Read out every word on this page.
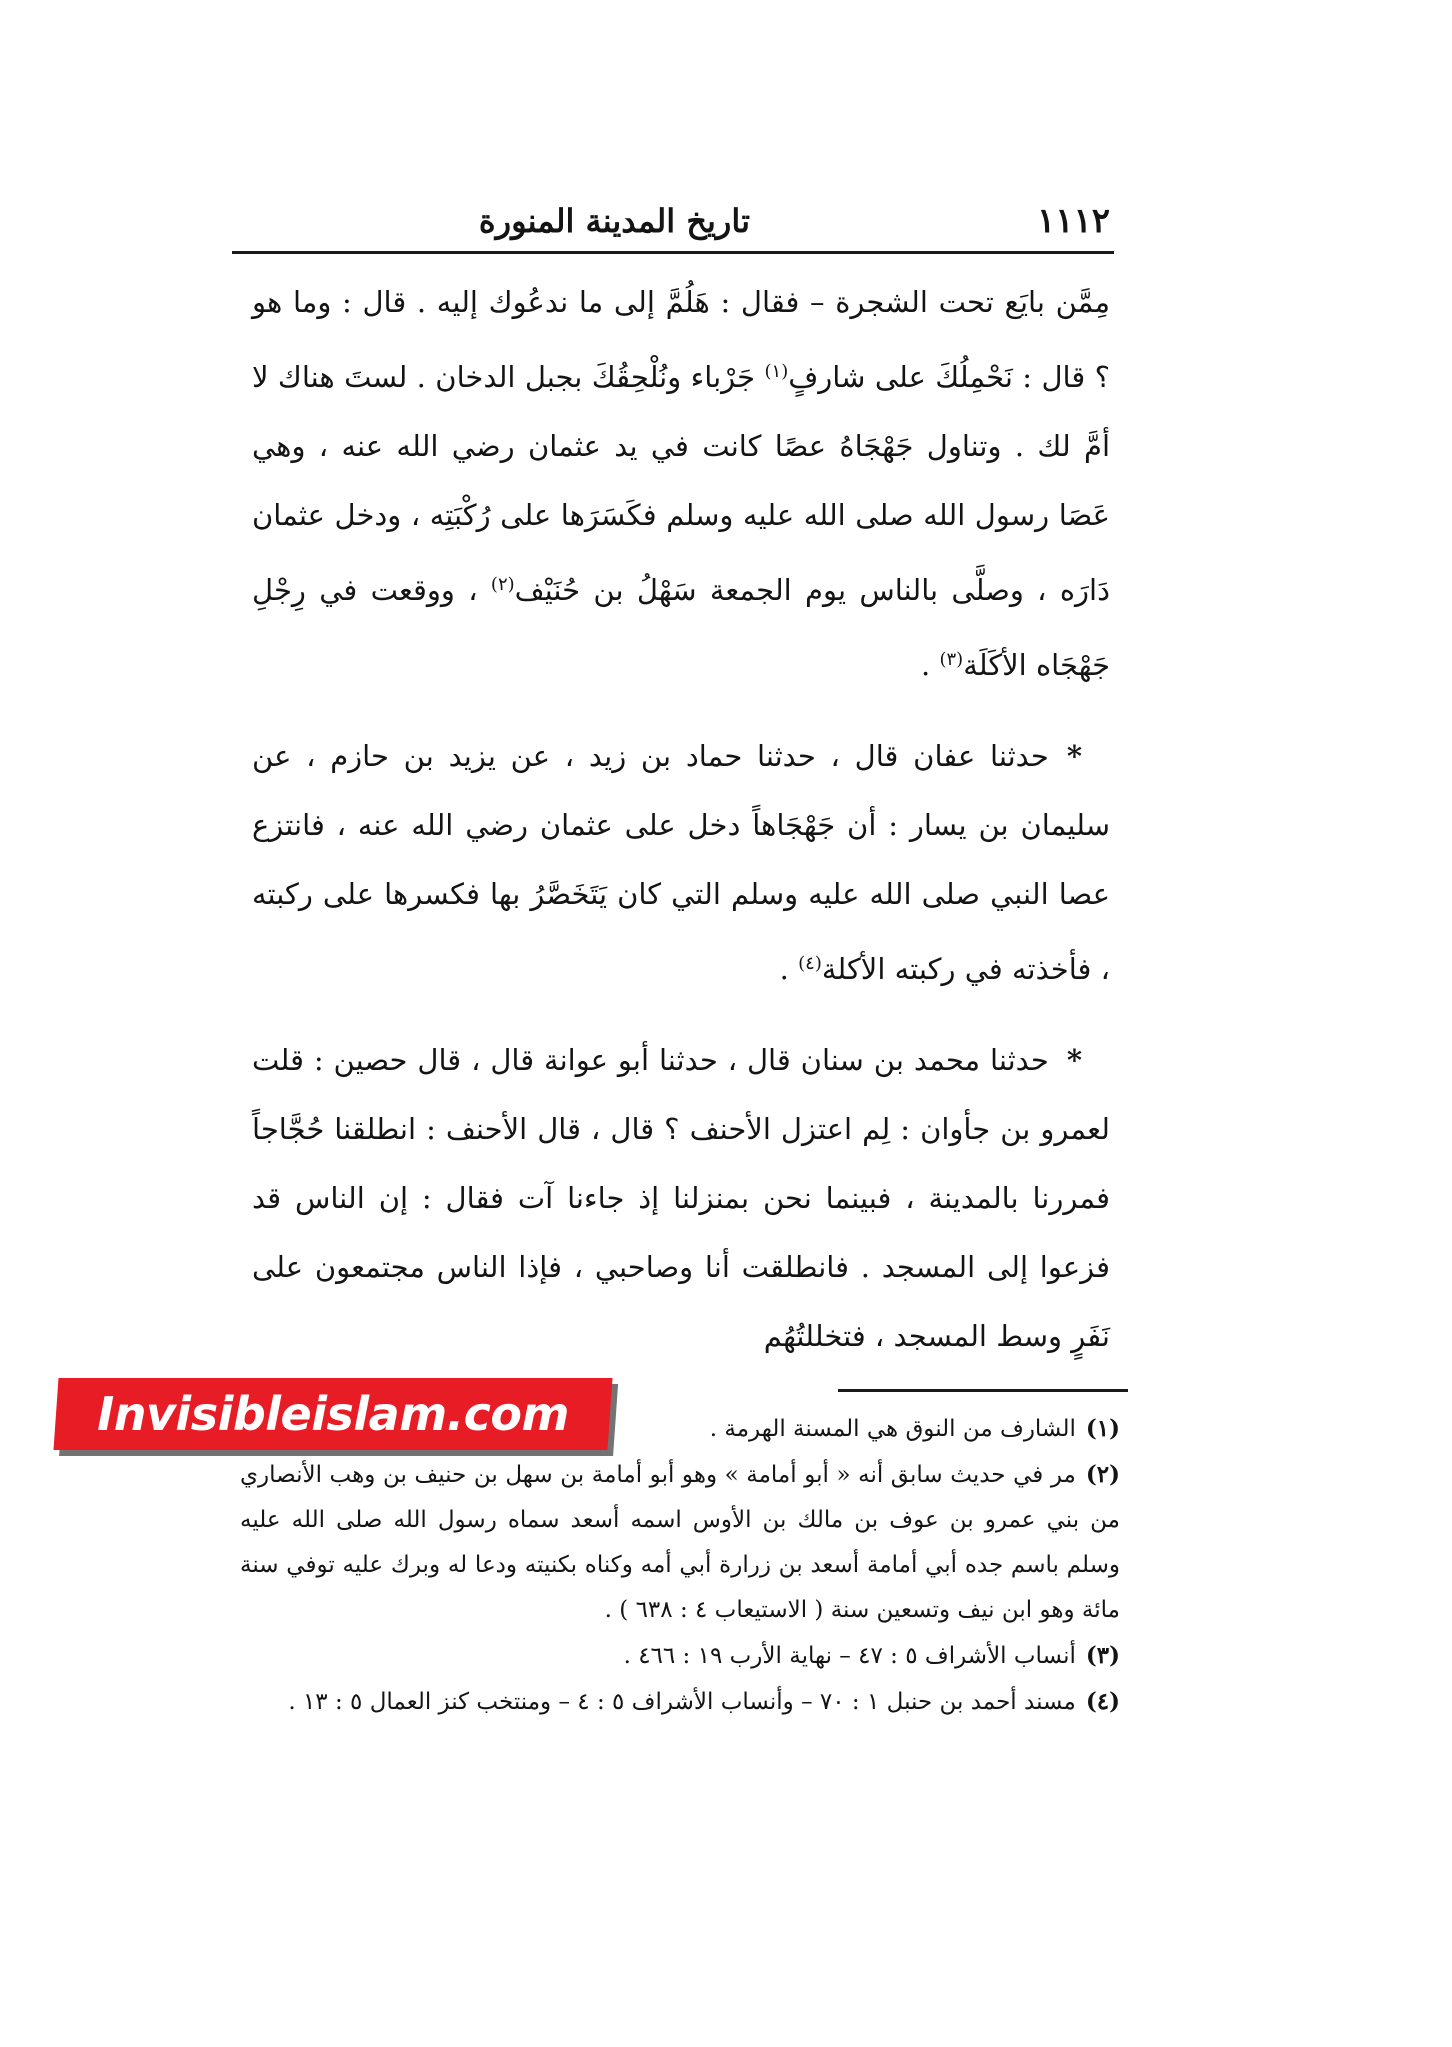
١١١٢
تاريخ المدينة المنورة

مِمَّن بايَع تحت الشجرة – فقال : هَلُمَّ إلى ما ندعُوك إليه . قال : وما هو ؟ قال : نَحْمِلُكَ على شارفٍ$^{(١)}$ جَرْباء ونُلْحِقُكَ بجبل الدخان . لستَ هناك لا أمَّ لك . وتناول جَهْجَاهُ عصًا كانت في يد عثمان رضي الله عنه ، وهي عَصَا رسول الله صلى الله عليه وسلم فكَسَرَها على رُكْبَتِه ، ودخل عثمان دَارَه ، وصلَّى بالناس يوم الجمعة سَهْلُ بن حُنَيْف$^{(٢)}$ ، ووقعت في رِجْلِ جَهْجَاه الأكَلَة$^{(٣)}$ .

*حدثنا عفان قال ، حدثنا حماد بن زيد ، عن يزيد بن حازم ، عن سليمان بن يسار : أن جَهْجَاهاً دخل على عثمان رضي الله عنه ، فانتزع عصا النبي صلى الله عليه وسلم التي كان يَتَخَصَّرُ بها فكسرها على ركبته ، فأخذته في ركبته الأكلة$^{(٤)}$ .

*حدثنا محمد بن سنان قال ، حدثنا أبو عوانة قال ، قال حصين : قلت لعمرو بن جأوان : لِم اعتزل الأحنف ؟ قال ، قال الأحنف : انطلقنا حُجَّاجاً فمررنا بالمدينة ، فبينما نحن بمنزلنا إذ جاءنا آت فقال : إن الناس قد فزعوا إلى المسجد . فانطلقت أنا وصاحبي ، فإذا الناس مجتمعون على نَفَرٍ وسط المسجد ، فتخللتُهُم

(١)الشارف من النوق هي المسنة الهرمة .

(٢)مر في حديث سابق أنه « أبو أمامة » وهو أبو أمامة بن سهل بن حنيف بن وهب الأنصاري من بني عمرو بن عوف بن مالك بن الأوس اسمه أسعد سماه رسول الله صلى الله عليه وسلم باسم جده أبي أمامة أسعد بن زرارة أبي أمه وكناه بكنيته ودعا له وبرك عليه توفي سنة مائة وهو ابن نيف وتسعين سنة ( الاستيعاب ٤ : ٦٣٨ ) .

(٣)أنساب الأشراف ٥ : ٤٧ – نهاية الأرب ١٩ : ٤٦٦ .

(٤)مسند أحمد بن حنبل ١ : ٧٠ – وأنساب الأشراف ٥ : ٤ – ومنتخب كنز العمال ٥ : ١٣ .

Invisibleislam.com
